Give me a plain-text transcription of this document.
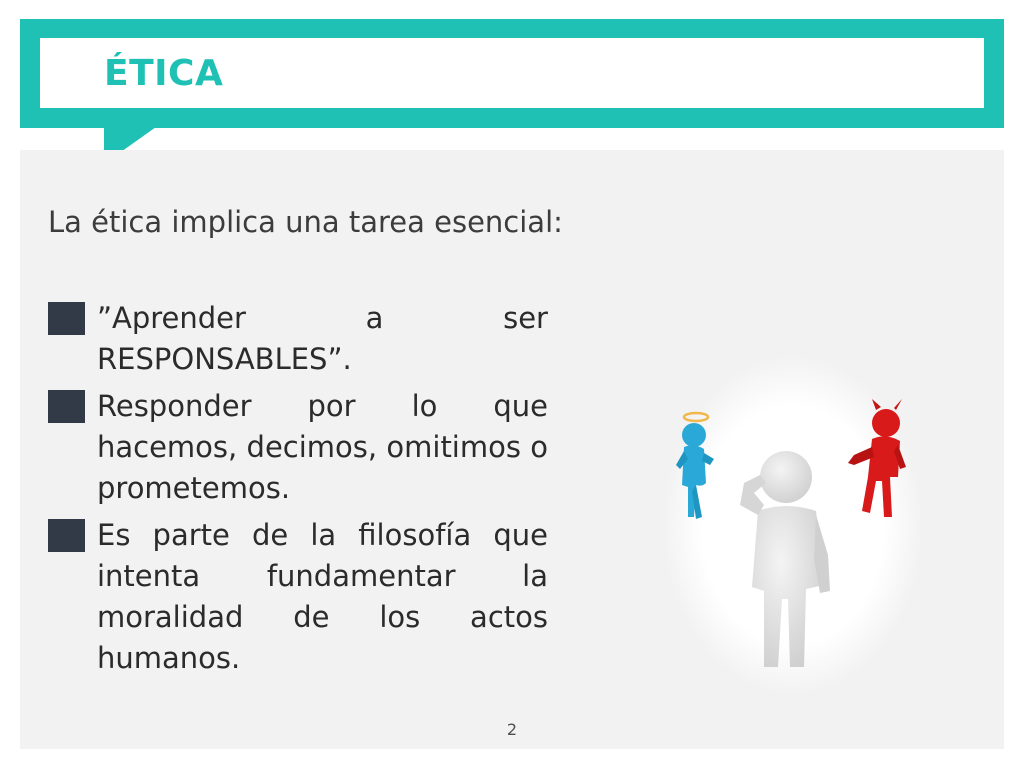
ÉTICA
La ética implica una tarea esencial:
”Aprender a ser RESPONSABLES”.
Responder por lo que hacemos, decimos, omitimos o prometemos.
Es parte de la filosofía que intenta fundamentar la moralidad de los actos humanos.
2
